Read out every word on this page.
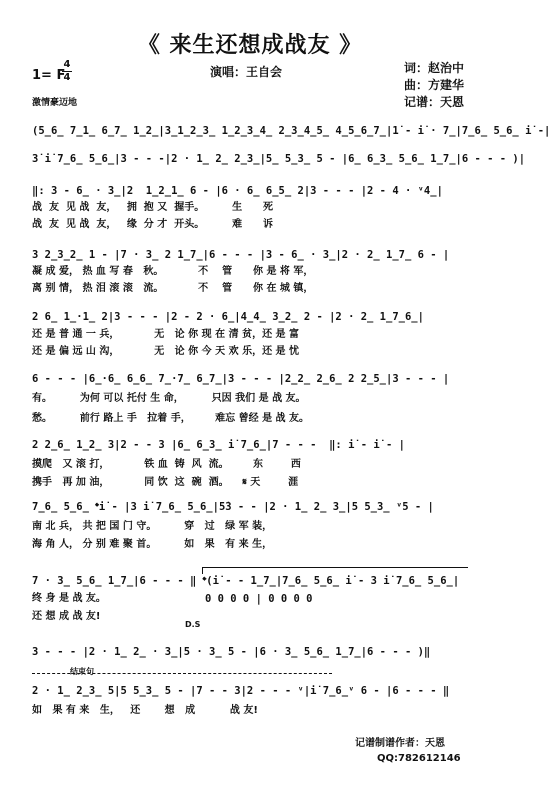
《 来生还想成战友 》
1= F
4
4	演唱：王自会	词：赵治中
曲：方建华
记谱：天恩
激情豪迈地
(5̲6̲ 7̲1̲ 6̲7̲ 1̲2̲|3̲1̲2̲3̲ 1̲2̲3̲4̲ 2̲3̲4̲5̲ 4̲5̲6̲7̲|1̇ - i̇ · 7̲|7̲6̲ 5̲6̲ i̇ -|
3̇ i̇ 7̲6̲ 5̲6̲|3 - - -|2 · 1̲ 2̲ 2̲3̲|5̲ 5̲3̲ 5 - |6̲ 6̲3̲ 5̲6̲ 1̲7̲|6 - - - )|
‖: 3 - 6̲ · 3̲|2  1̲2̲1̲ 6 - |6 · 6̲ 6̲5̲ 2|3 - - - |2 - 4 · ᵛ4̲|
战  友  见 战  友，   拥  抱 又  握手。        生      死
战  友  见 战  友，   缘  分 才  开头。        难      诉
3 2̲3̲2̲ 1 - |7 · 3̲ 2 1̲7̲|6 - - - |3 - 6̲ · 3̲|2 · 2̲ 1̲7̲ 6 - |
凝 成 爱， 热 血 写 春   秋。          不    管      你 是 将 军，
离 别 情， 热 泪 滚 滚   流。          不    管      你 在 城 镇，
2 6̲ 1̲·1̲ 2|3 - - - |2 - 2 · 6̲|4̲4̲ 3̲2̲ 2 - |2 · 2̲ 1̲7̲6̲|
还 是 普 通 一 兵，          无   论 你 现 在 清 贫，还 是 富
还 是 偏 远 山 沟，          无   论 你 今 天 欢 乐，还 是 忧
6 - - - |6̲·6̲ 6̲6̲ 7̲·7̲ 6̲7̲|3 - - - |2̲2̲ 2̲6̲ 2 2̲5̲|3 - - - |
有。        为何 可以 托付 生 命，        只因 我们 是 战 友。
愁。        前行 路上 手   拉着 手，       难忘 曾经 是 战 友。
2 2̲6̲ 1̲2̲ 3|2 - - 3 |6̲ 6̲3̲ i̇ 7̲6̲|7 - - -  ‖: i̇ - i̇ - |
摸爬   又 滚 打，          铁 血  铸  风  流。       东        西
携手   再 加 油，          同 饮  这  碗  酒。    𝄋 天        涯
7̲6̲ 5̲6̲ 𝄌i̇ - |3 i̇ 7̲6̲ 5̲6̲|5̇3 - - |2 · 1̲ 2̲ 3̲|5 5̲3̲ ᵛ5 - |
南 北 兵， 共 把 国 门 守。        穿   过   绿 军 装，
海 角 人， 分 别 难 聚 首。        如   果   有 来 生，
7 · 3̲ 5̲6̲ 1̲7̲|6 - - - ‖ 𝄌(i̇ - - 1̲7̲|7̲6̲ 5̲6̲ i̇ - 3 i̇ 7̲6̲ 5̲6̲|
终 身 是 战 友。
还 想 成 战 友!
0 0 0 0 | 0 0 0 0
D.S
3 - - - |2 · 1̲ 2̲ · 3̲|5 · 3̲ 5 - |6 · 3̲ 5̲6̲ 1̲7̲|6 - - - )‖
结束句
2 · 1̲ 2̲3̲ 5|5 5̲3̲ 5 - |7 - - 3|2 - - - ᵛ|i̇ 7̲6̲ᵛ 6 - |6 - - - ‖
如   果 有 来   生，   还       想   成          战 友!
记谱制谱作者：天恩
QQ:782612146
